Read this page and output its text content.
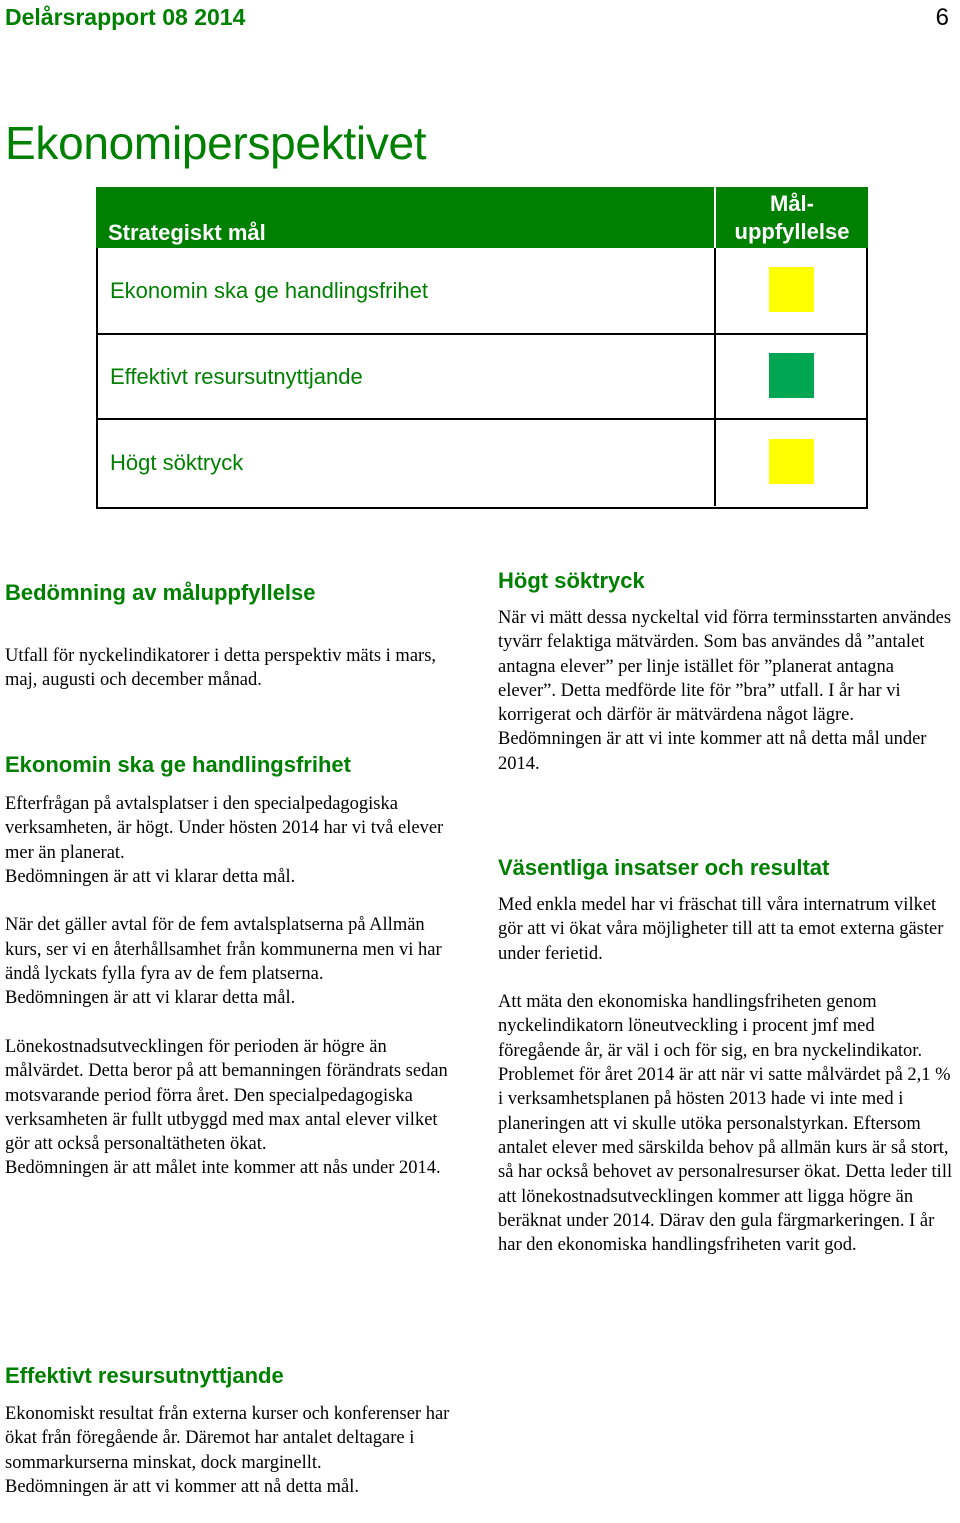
Delårsrapport 08 2014	6
Ekonomiperspektivet
Strategiskt mål
Mål-
uppfyllelse
Ekonomin ska ge handlingsfrihet
Effektivt resursutnyttjande
Högt söktryck
Bedömning av måluppfyllelse
Utfall för nyckelindikatorer i detta perspektiv mäts i mars, maj, augusti och december månad.
Ekonomin ska ge handlingsfrihet
Efterfrågan på avtalsplatser i den specialpedagogiska verksamheten, är högt. Under hösten 2014 har vi två elever mer än planerat.

Bedömningen är att vi klarar detta mål.

När det gäller avtal för de fem avtalsplatserna på Allmän kurs, ser vi en återhållsamhet från kommunerna men vi har ändå lyckats fylla fyra av de fem platserna.

Bedömningen är att vi klarar detta mål.

Lönekostnadsutvecklingen för perioden är högre än målvärdet. Detta beror på att bemanningen förändrats sedan motsvarande period förra året. Den specialpedagogiska verksamheten är fullt utbyggd med max antal elever vilket gör att också personaltätheten ökat.

Bedömningen är att målet inte kommer att nås under 2014.

Högt söktryck
När vi mätt dessa nyckeltal vid förra terminsstarten användes tyvärr felaktiga mätvärden. Som bas användes då ”antalet antagna elever” per linje istället för ”planerat antagna elever”. Detta medförde lite för ”bra” utfall. I år har vi korrigerat och därför är mätvärdena något lägre.
Bedömningen är att vi inte kommer att nå detta mål under 2014.
Väsentliga insatser och resultat

Med enkla medel har vi fräschat till våra internatrum vilket gör att vi ökat våra möjligheter till att ta emot externa gäster under ferietid.

Att mäta den ekonomiska handlingsfriheten genom nyckelindikatorn löneutveckling i procent jmf med föregående år, är väl i och för sig, en bra nyckelindikator. Problemet för året 2014 är att när vi satte målvärdet på 2,1 % i verksamhetsplanen på hösten 2013 hade vi inte med i planeringen att vi skulle utöka personalstyrkan. Eftersom antalet elever med särskilda behov på allmän kurs är så stort, så har också behovet av personalresurser ökat. Detta leder till att lönekostnadsutvecklingen kommer att ligga högre än beräknat under 2014. Därav den gula färgmarkeringen. I år har den ekonomiska handlingsfriheten varit god.

Effektivt resursutnyttjande
Ekonomiskt resultat från externa kurser och konferenser har ökat från föregående år. Däremot har antalet deltagare i sommarkurserna minskat, dock marginellt.
Bedömningen är att vi kommer att nå detta mål.
